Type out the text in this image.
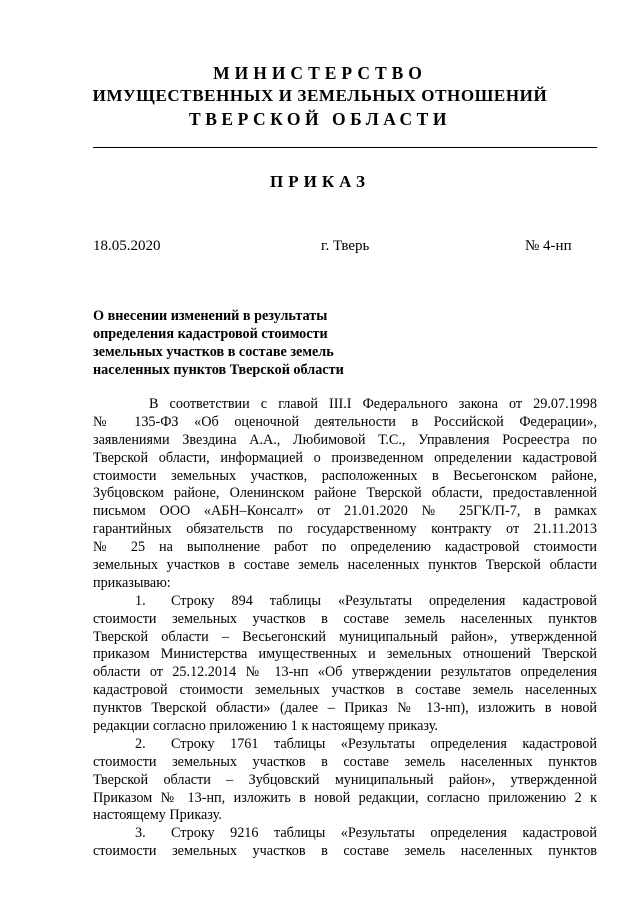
МИНИСТЕРСТВО
ИМУЩЕСТВЕННЫХ И ЗЕМЕЛЬНЫХ ОТНОШЕНИЙ
ТВЕРСКОЙ ОБЛАСТИ
ПРИКАЗ
18.05.2020	г. Тверь	№ 4-нп
О внесении изменений в результаты
определения кадастровой стоимости
земельных участков в составе земель
населенных пунктов Тверской области
В соответствии с главой III.I Федерального закона от 29.07.1998
№ 135-ФЗ «Об оценочной деятельности в Российской Федерации»,
заявлениями Звездина А.А., Любимовой Т.С., Управления Росреестра по
Тверской области, информацией о произведенном определении кадастровой
стоимости земельных участков, расположенных в Весьегонском районе,
Зубцовском районе, Оленинском районе Тверской области, предоставленной
письмом ООО «АБН–Консалт» от 21.01.2020 № 25ГК/П-7, в рамках
гарантийных обязательств по государственному контракту от 21.11.2013
№ 25 на выполнение работ по определению кадастровой стоимости
земельных участков в составе земель населенных пунктов Тверской области
приказываю:
1. Строку 894 таблицы «Результаты определения кадастровой
стоимости земельных участков в составе земель населенных пунктов
Тверской области – Весьегонский муниципальный район», утвержденной
приказом Министерства имущественных и земельных отношений Тверской
области от 25.12.2014 № 13-нп «Об утверждении результатов определения
кадастровой стоимости земельных участков в составе земель населенных
пунктов Тверской области» (далее – Приказ № 13-нп), изложить в новой
редакции согласно приложению 1 к настоящему приказу.
2. Строку 1761 таблицы «Результаты определения кадастровой
стоимости земельных участков в составе земель населенных пунктов
Тверской области – Зубцовский муниципальный район», утвержденной
Приказом № 13-нп, изложить в новой редакции, согласно приложению 2 к
настоящему Приказу.
3. Строку 9216 таблицы «Результаты определения кадастровой
стоимости земельных участков в составе земель населенных пунктов
